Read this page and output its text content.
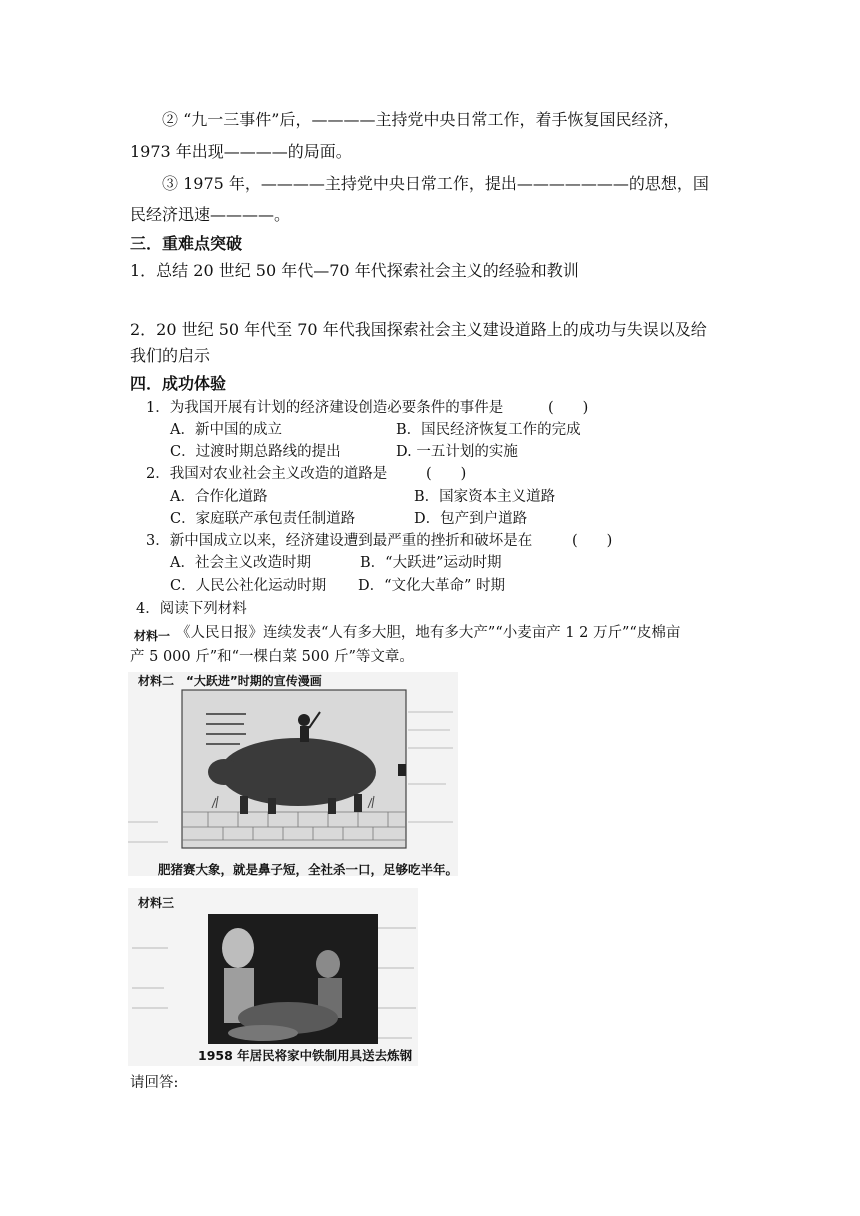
② “九一三事件”后，————主持党中央日常工作，着手恢复国民经济，
1973 年出现————的局面。
③ 1975 年，————主持党中央日常工作，提出———————的思想，国
民经济迅速————。
三．重难点突破
1．总结 20 世纪 50 年代—70 年代探索社会主义的经验和教训
2．20 世纪 50 年代至 70 年代我国探索社会主义建设道路上的成功与失误以及给
我们的启示
四．成功体验
1．为我国开展有计划的经济建设创造必要条件的事件是	(　　)
A．新中国的成立	B．国民经济恢复工作的完成
C．过渡时期总路线的提出	D. 一五计划的实施
2．我国对农业社会主义改造的道路是	(　　)
A．合作化道路	B．国家资本主义道路
C．家庭联产承包责任制道路	D．包产到户道路
3．新中国成立以来，经济建设遭到最严重的挫折和破坏是在	(　　)
A．社会主义改造时期	B．“大跃进”运动时期
C．人民公社化运动时期 D．“文化大革命” 时期
4．阅读下列材料
材料一 《人民日报》连续发表“人有多大胆，地有多大产”“小麦亩产 1 2 万斤”“皮棉亩
产 5 000 斤”和“一棵白菜 500 斤”等文章。
材料二　“大跃进”时期的宣传漫画
肥猪赛大象，就是鼻子短，全社杀一口，足够吃半年。
材料三
1958 年居民将家中铁制用具送去炼钢
请回答:
